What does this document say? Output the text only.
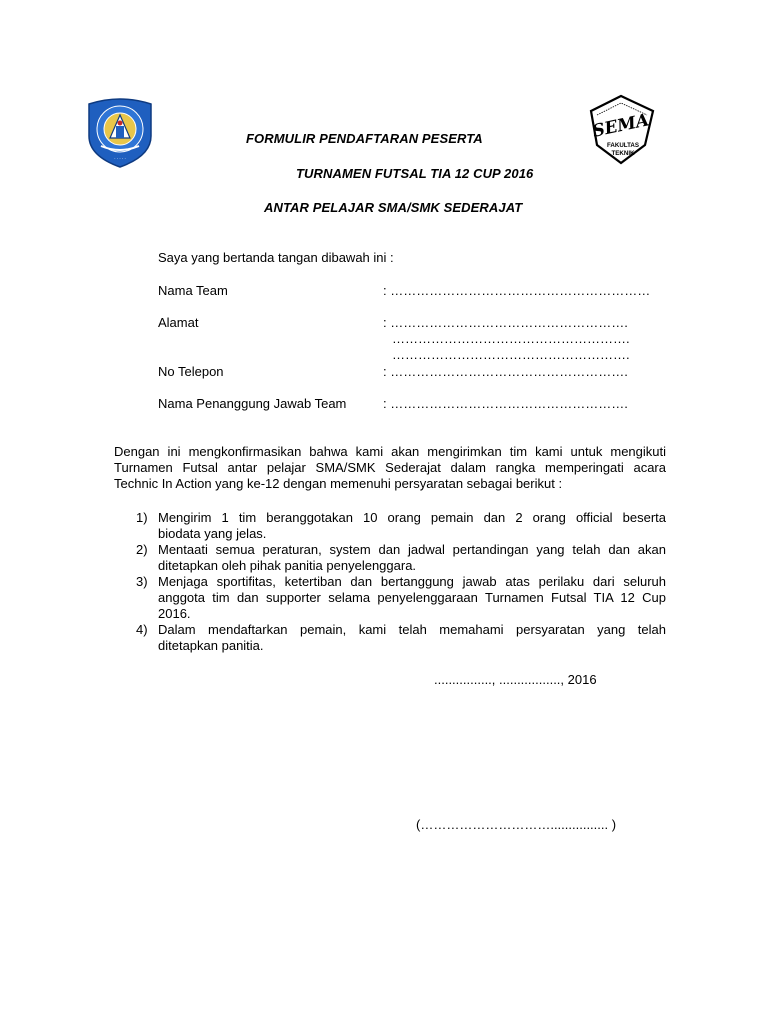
· · · · ·
SEMA
FAKULTAS
TEKNIK
FORMULIR PENDAFTARAN PESERTA
TURNAMEN FUTSAL TIA 12 CUP 2016
ANTAR PELAJAR SMA/SMK SEDERAJAT
Saya yang bertanda tangan dibawah ini :
Nama Team	: ……………………………………………………
Alamat	: ……………………………………………….
……………………………………………….
……………………………………………….
No Telepon	: ……………………………………………….
Nama Penanggung Jawab Team	: ……………………………………………….
Dengan ini mengkonfirmasikan bahwa kami akan mengirimkan tim kami untuk mengikuti
Turnamen Futsal antar pelajar SMA/SMK Sederajat dalam rangka memperingati acara
Technic In Action yang ke-12 dengan memenuhi persyaratan sebagai berikut :
1) Mengirim 1 tim beranggotakan 10 orang pemain dan 2 orang official beserta
biodata yang jelas.
2) Mentaati semua peraturan, system dan jadwal pertandingan yang telah dan akan
ditetapkan oleh pihak panitia penyelenggara.
3) Menjaga sportifitas, ketertiban dan bertanggung jawab atas perilaku dari seluruh
anggota tim dan supporter selama penyelenggaraan Turnamen Futsal TIA 12 Cup
2016.
4) Dalam mendaftarkan pemain, kami telah memahami persyaratan yang telah
ditetapkan panitia.
................, ................., 2016
(…………………………................ )
